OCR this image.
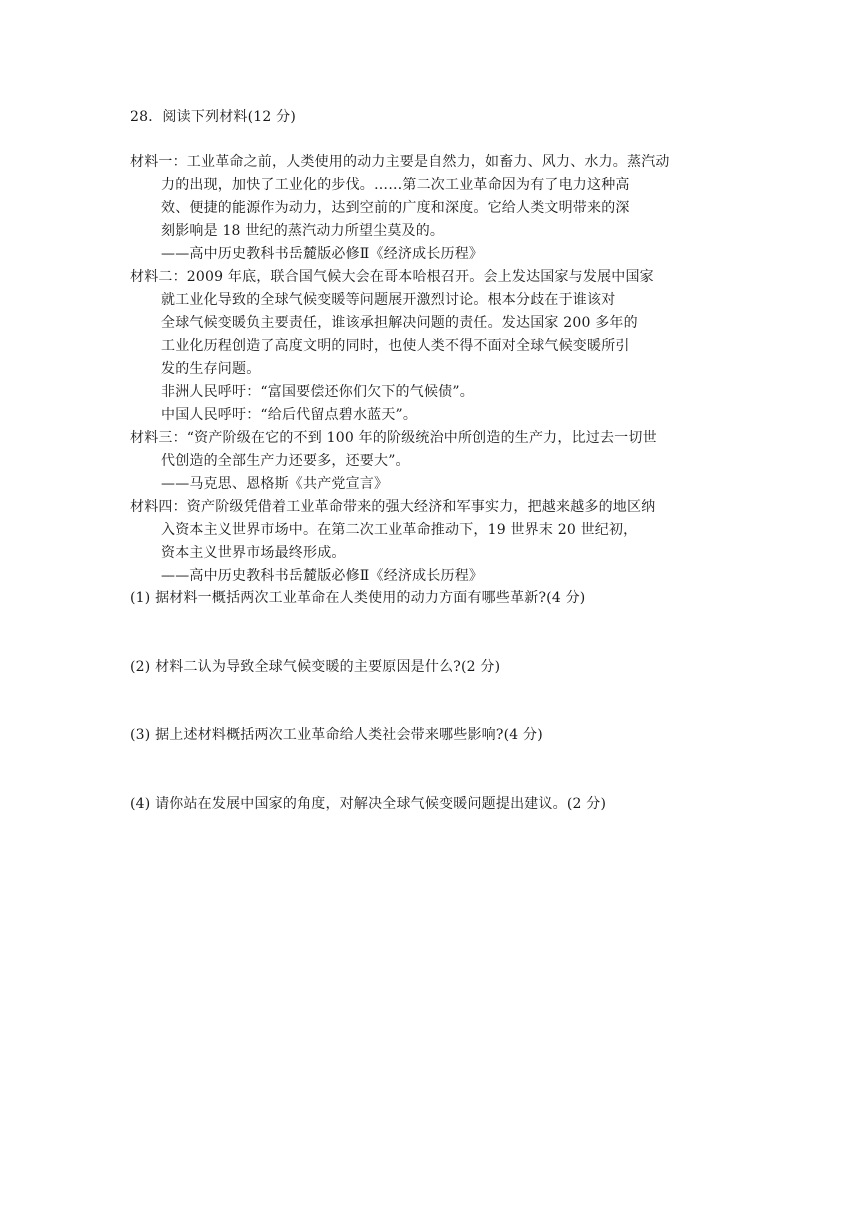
28．阅读下列材料(12 分)
材料一：工业革命之前，人类使用的动力主要是自然力，如畜力、风力、水力。蒸汽动
力的出现，加快了工业化的步伐。……第二次工业革命因为有了电力这种高
效、便捷的能源作为动力，达到空前的广度和深度。它给人类文明带来的深
刻影响是 18 世纪的蒸汽动力所望尘莫及的。
——高中历史教科书岳麓版必修Ⅱ《经济成长历程》
材料二：2009 年底，联合国气候大会在哥本哈根召开。会上发达国家与发展中国家
就工业化导致的全球气候变暖等问题展开激烈讨论。根本分歧在于谁该对
全球气候变暖负主要责任，谁该承担解决问题的责任。发达国家 200 多年的
工业化历程创造了高度文明的同时，也使人类不得不面对全球气候变暖所引
发的生存问题。
非洲人民呼吁：“富国要偿还你们欠下的气候债”。
中国人民呼吁：“给后代留点碧水蓝天”。
材料三：“资产阶级在它的不到 100 年的阶级统治中所创造的生产力，比过去一切世
代创造的全部生产力还要多，还要大”。
——马克思、恩格斯《共产党宣言》
材料四：资产阶级凭借着工业革命带来的强大经济和军事实力，把越来越多的地区纳
入资本主义世界市场中。在第二次工业革命推动下，19 世界末 20 世纪初，
资本主义世界市场最终形成。
——高中历史教科书岳麓版必修Ⅱ《经济成长历程》
(1) 据材料一概括两次工业革命在人类使用的动力方面有哪些革新?(4 分)
(2) 材料二认为导致全球气候变暖的主要原因是什么?(2 分)
(3) 据上述材料概括两次工业革命给人类社会带来哪些影响?(4 分)
(4) 请你站在发展中国家的角度，对解决全球气候变暖问题提出建议。(2 分)
